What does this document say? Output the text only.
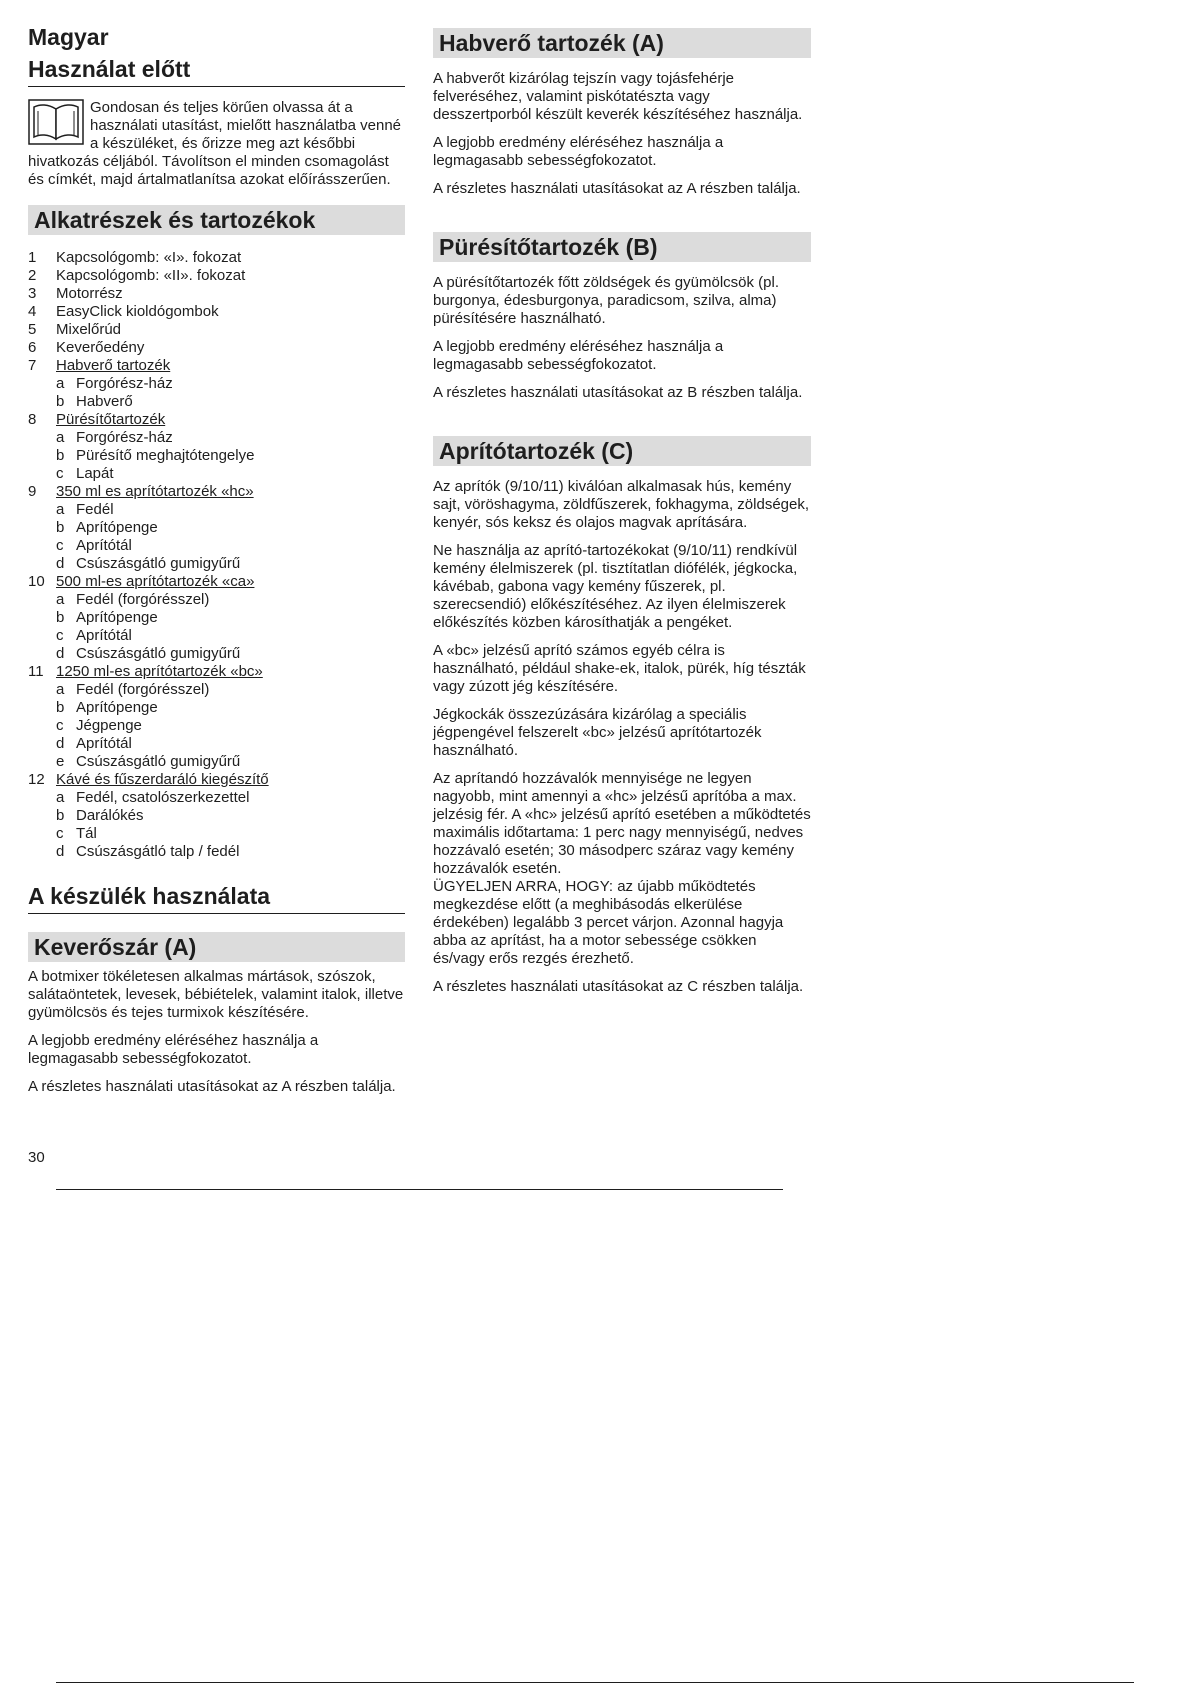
Magyar
Használat előtt

Gondosan és teljes körűen olvassa át a használati utasítást, mielőtt használatba venné a készüléket, és őrizze meg azt későbbi hivatkozás céljából. Távolítson el minden csomagolást és címkét, majd ártalmatlanítsa azokat előírásszerűen.

Alkatrészek és tartozékok
1	Kapcsológomb: «I». fokozat
2	Kapcsológomb: «II». fokozat
3	Motorrész
4	EasyClick kioldógombok
5	Mixelőrúd
6	Keverőedény
7	Habverő tartozék
a Forgórész-ház
b Habverő
8	Pürésítőtartozék
a Forgórész-ház
b Pürésítő meghajtótengelye
c Lapát
9	350 ml es aprítótartozék «hc»
a Fedél
b Aprítópenge
c Aprítótál
d Csúszásgátló gumigyűrű
10 500 ml-es aprítótartozék «ca»
a Fedél (forgórésszel)
b Aprítópenge
c Aprítótál
d Csúszásgátló gumigyűrű
11 1250 ml-es aprítótartozék «bc»
a Fedél (forgórésszel)
b Aprítópenge
c Jégpenge
d Aprítótál
e Csúszásgátló gumigyűrű
12 Kávé és fűszerdaráló kiegészítő
a Fedél, csatolószerkezettel
b Darálókés
c Tál
d Csúszásgátló talp / fedél
A készülék használata
Keverőszár (A)

A botmixer tökéletesen alkalmas mártások, szószok, salátaöntetek, levesek, bébiételek, valamint italok, illetve gyümölcsös és tejes turmixok készítésére.

A legjobb eredmény eléréséhez használja a legmagasabb sebességfokozatot.

A részletes használati utasításokat az A részben találja.

30
Habverő tartozék (A)

A habverőt kizárólag tejszín vagy tojásfehérje felveréséhez, valamint piskótatészta vagy desszertporból készült keverék készítéséhez használja.

A legjobb eredmény eléréséhez használja a legmagasabb sebességfokozatot.

A részletes használati utasításokat az A részben találja.

Pürésítőtartozék (B)

A pürésítőtartozék főtt zöldségek és gyümölcsök (pl. burgonya, édesburgonya, paradicsom, szilva, alma) pürésítésére használható.

A legjobb eredmény eléréséhez használja a legmagasabb sebességfokozatot.

A részletes használati utasításokat az B részben találja.

Aprítótartozék (C)

Az aprítók (9/10/11) kiválóan alkalmasak hús, kemény sajt, vöröshagyma, zöldfűszerek, fokhagyma, zöldségek, kenyér, sós keksz és olajos magvak aprítására.

Ne használja az aprító-tartozékokat (9/10/11) rendkívül kemény élelmiszerek (pl. tisztítatlan diófélék, jégkocka, kávébab, gabona vagy kemény fűszerek, pl. szerecsendió) előkészítéséhez. Az ilyen élelmiszerek előkészítés közben károsíthatják a pengéket.

A «bc» jelzésű aprító számos egyéb célra is használható, például shake-ek, italok, pürék, híg tészták vagy zúzott jég készítésére.

Jégkockák összezúzására kizárólag a speciális jégpengével felszerelt «bc» jelzésű aprítótartozék használható.

Az aprítandó hozzávalók mennyisége ne legyen nagyobb, mint amennyi a «hc» jelzésű aprítóba a max. jelzésig fér. A «hc» jelzésű aprító esetében a működtetés maximális időtartama: 1 perc nagy mennyiségű, nedves hozzávaló esetén; 30 másodperc száraz vagy kemény hozzávalók esetén.

ÜGYELJEN ARRA, HOGY: az újabb működtetés megkezdése előtt (a meghibásodás elkerülése érdekében) legalább 3 percet várjon. Azonnal hagyja abba az aprítást, ha a motor sebessége csökken és/vagy erős rezgés érezhető.

A részletes használati utasításokat az C részben találja.
